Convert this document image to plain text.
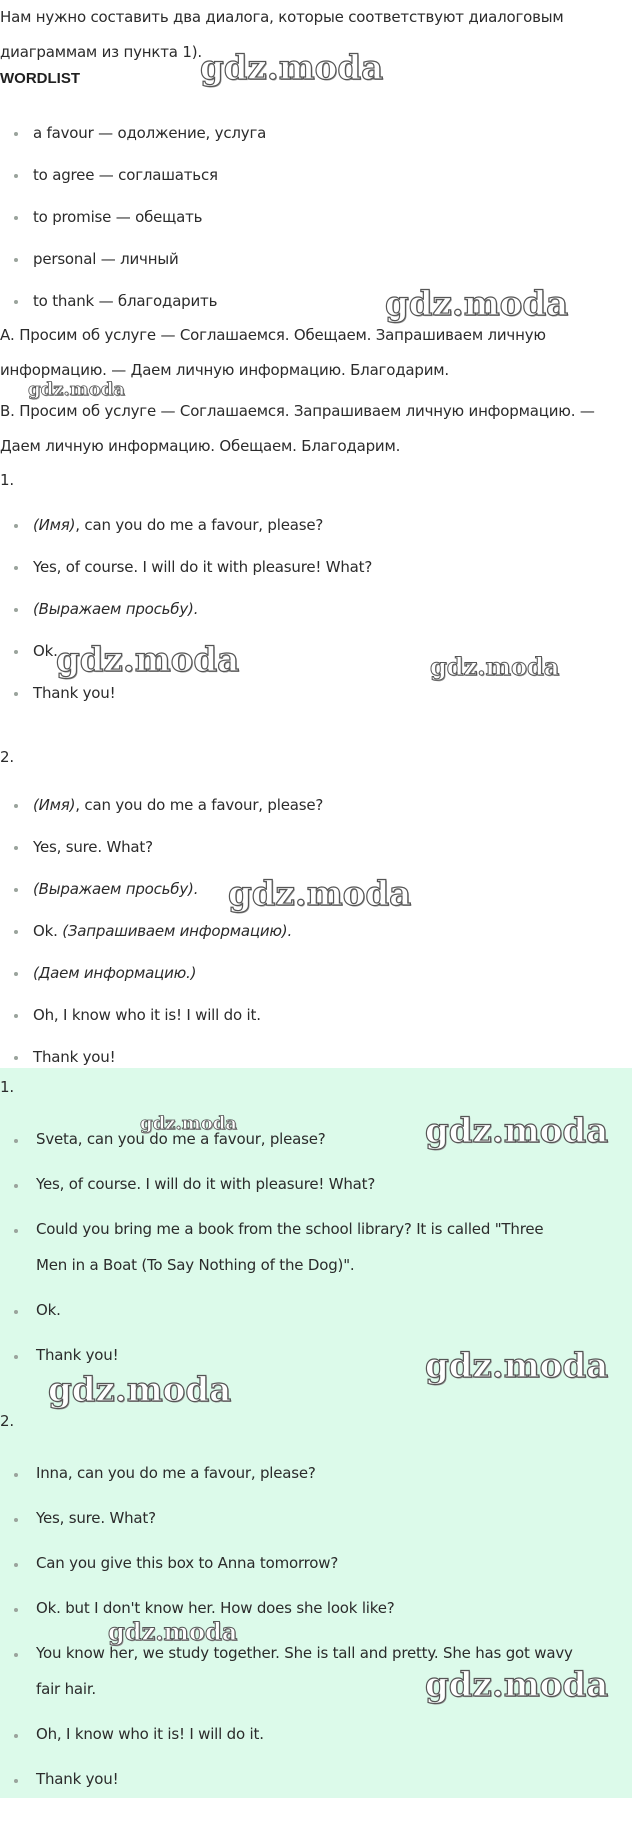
Нам нужно составить два диалога, которые соответствуют диалоговым

диаграммам из пункта 1).

WORDLIST
a favour — одолжение, услуга
to agree — соглашаться
to promise — обещать
personal — личный
to thank — благодарить

А. Просим об услуге — Соглашаемся. Обещаем. Запрашиваем личную

информацию. — Даем личную информацию. Благодарим.

В. Просим об услуге — Соглашаемся. Запрашиваем личную информацию. —

Даем личную информацию. Обещаем. Благодарим.

1.
(Имя), can you do me a favour, please?
Yes, of course. I will do it with pleasure! What?
(Выражаем просьбу).
Ok.
Thank you!
2.
(Имя), can you do me a favour, please?
Yes, sure. What?
(Выражаем просьбу).
Ok. (Запрашиваем информацию).
(Даем информацию.)
Oh, I know who it is! I will do it.
Thank you!
1.
Sveta, can you do me a favour, please?
Yes, of course. I will do it with pleasure! What?
Could you bring me a book from the school library? It is called "Three
Men in a Boat (To Say Nothing of the Dog)".
Ok.
Thank you!
2.
Inna, can you do me a favour, please?
Yes, sure. What?
Can you give this box to Anna tomorrow?
Ok. but I don't know her. How does she look like?
You know her, we study together. She is tall and pretty. She has got wavy
fair hair.
Oh, I know who it is! I will do it.
Thank you!
gdz.moda
gdz.moda
gdz.moda
gdz.moda	gdz.moda
gdz.moda
gdz.moda	gdz.moda
gdz.moda
gdz.moda
gdz.moda
gdz.moda
